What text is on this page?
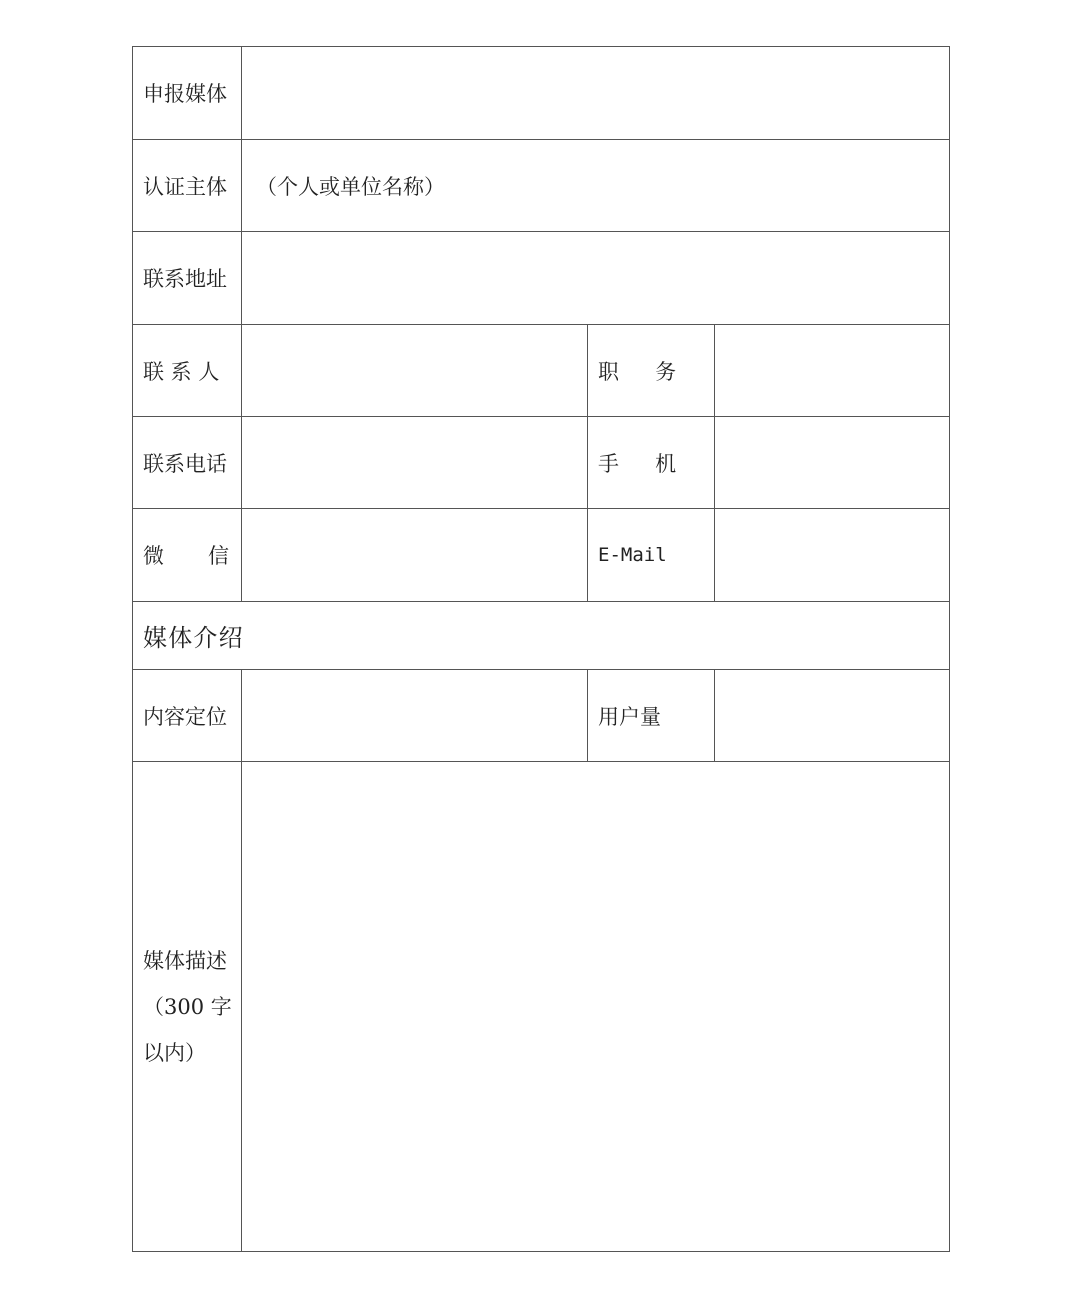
申报媒体			
认证主体	（个人或单位名称）		
联系地址			
联 系 人		职 务	
联系电话		手 机	

微 信		E-Mail	
媒体介绍			
内容定位		用户量	

媒体描述
（300 字
以内）			
